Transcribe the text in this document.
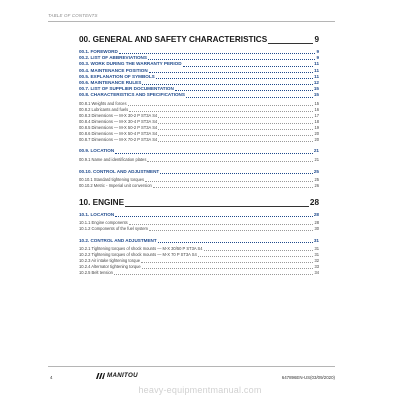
TABLE OF CONTENTS
00. GENERAL AND SAFETY CHARACTERISTICS	9
00.1. FOREWORD	9
00.2. LIST OF ABBREVIATIONS	9
00.3. WORK DURING THE WARRANTY PERIOD	11
00.4. MAINTENANCE POSITION	11
00.5. EXPLANATION OF SYMBOLS	11
00.6. MAINTENANCE RULES	12
00.7. LIST OF SUPPLIER DOCUMENTATION	15
00.8. CHARACTERISTICS AND SPECIFICATIONS	15
00.8.1 Weights and forces	15
00.8.2 Lubricants and fuels	16
00.8.3 Dimensions — M-X 30-2 P ST3A S4	17
00.8.4 Dimensions — M-X 30-4 P ST3A S4	18
00.8.5 Dimensions — M-X 50-2 P ST3A S4	19
00.8.6 Dimensions — M-X 50-4 P ST3A S4	20
00.8.7 Dimensions — M-X 70-2 P ST3A S4	20
00.9. LOCATION	21
00.9.1 Name and identification plates	21
00.10. CONTROL AND ADJUSTMENT	25
00.10.1 Standard tightening torques	25
00.10.2 Metric - Imperial unit conversion	26
10. ENGINE	28
10.1. LOCATION	28
10.1.1 Engine components	28
10.1.2 Components of the fuel system	30
10.2. CONTROL AND ADJUSTMENT	31
10.2.1 Tightening torques of shock mounts — M-X 30/50 P ST3A S4	31
10.2.2 Tightening torques of shock mounts — M-X 70 P ST3A S4	31
10.2.3 Air intake tightening torque	32
10.2.4 Alternator tightening torque	33
10.2.5 Belt tension	34
4	MANITOU	647896EN-US(03/09/2020)
heavy-equipmentmanual.com
